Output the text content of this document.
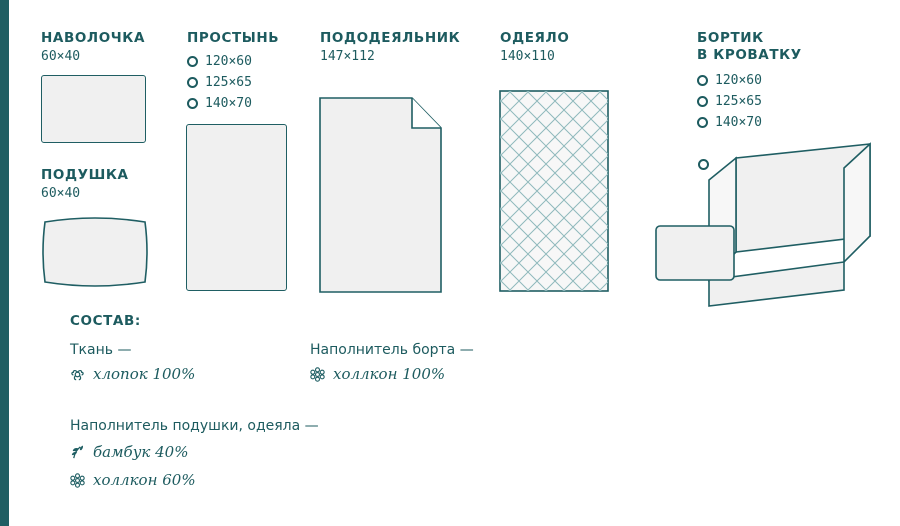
НАВОЛОЧКА
60×40
ПОДУШКА
60×40
ПРОСТЫНЬ
120×60
125×65
140×70
ПОДОДЕЯЛЬНИК
147×112
ОДЕЯЛО
140×110
БОРТИК
В КРОВАТКУ
120×60
125×65
140×70
СОСТАВ:
Ткань —
хлопок 100%
Наполнитель борта —
холлкон 100%
Наполнитель подушки, одеяла —
бамбук 40%
холлкон 60%
